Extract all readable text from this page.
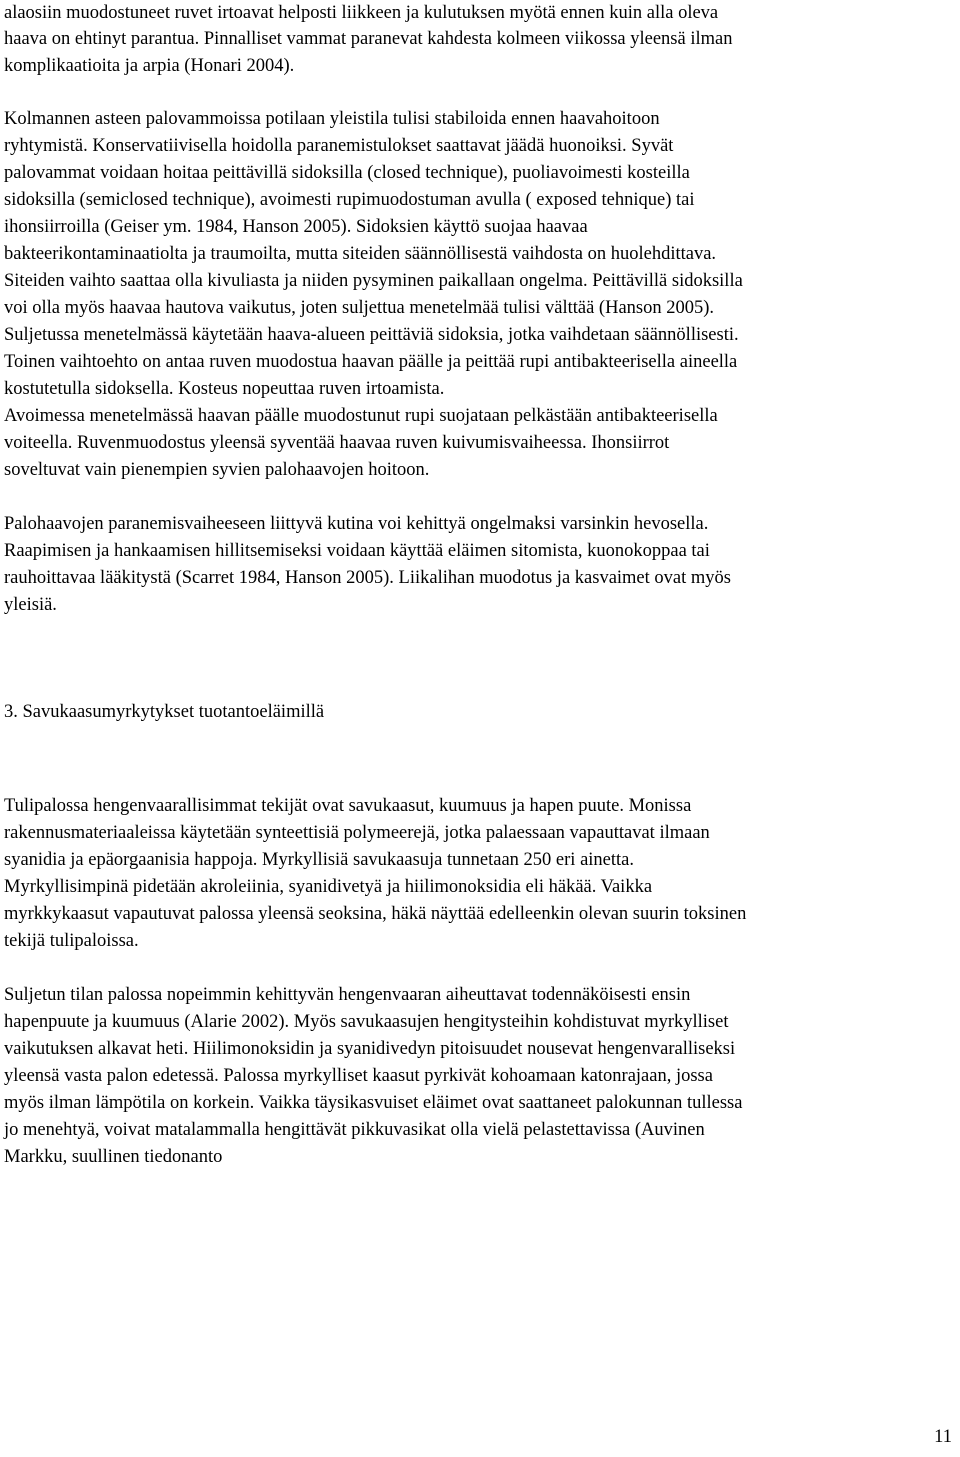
alaosiin muodostuneet ruvet irtoavat helposti liikkeen ja kulutuksen myötä ennen kuin alla oleva
haava on ehtinyt parantua. Pinnalliset vammat paranevat kahdesta kolmeen viikossa yleensä ilman
komplikaatioita ja arpia (Honari 2004).
Kolmannen asteen palovammoissa potilaan yleistila tulisi stabiloida ennen haavahoitoon
ryhtymistä. Konservatiivisella hoidolla paranemistulokset saattavat jäädä huonoiksi. Syvät
palovammat voidaan hoitaa peittävillä sidoksilla (closed technique), puoliavoimesti kosteilla
sidoksilla (semiclosed technique), avoimesti rupimuodostuman avulla ( exposed tehnique) tai
ihonsiirroilla (Geiser ym. 1984, Hanson 2005). Sidoksien käyttö suojaa haavaa
bakteerikontaminaatiolta ja traumoilta, mutta siteiden säännöllisestä vaihdosta on huolehdittava.
Siteiden vaihto saattaa olla kivuliasta ja niiden pysyminen paikallaan ongelma. Peittävillä sidoksilla
voi olla myös haavaa hautova vaikutus, joten suljettua menetelmää tulisi välttää (Hanson 2005).
Suljetussa menetelmässä käytetään haava-alueen peittäviä sidoksia, jotka vaihdetaan säännöllisesti.
Toinen vaihtoehto on antaa ruven muodostua haavan päälle ja peittää rupi antibakteerisella aineella
kostutetulla sidoksella. Kosteus nopeuttaa ruven irtoamista.
Avoimessa menetelmässä haavan päälle muodostunut rupi suojataan pelkästään antibakteerisella
voiteella. Ruvenmuodostus yleensä syventää haavaa ruven kuivumisvaiheessa. Ihonsiirrot
soveltuvat vain pienempien syvien palohaavojen hoitoon.
Palohaavojen paranemisvaiheeseen liittyvä kutina voi kehittyä ongelmaksi varsinkin hevosella.
Raapimisen ja hankaamisen hillitsemiseksi voidaan käyttää eläimen sitomista, kuonokoppaa tai
rauhoittavaa lääkitystä (Scarret 1984, Hanson 2005). Liikalihan muodotus ja kasvaimet ovat myös
yleisiä.
3. Savukaasumyrkytykset tuotantoeläimillä
Tulipalossa hengenvaarallisimmat tekijät ovat savukaasut, kuumuus ja hapen puute. Monissa
rakennusmateriaaleissa käytetään synteettisiä polymeerejä, jotka palaessaan vapauttavat ilmaan
syanidia ja epäorgaanisia happoja. Myrkyllisiä savukaasuja tunnetaan 250 eri ainetta.
Myrkyllisimpinä pidetään akroleiinia, syanidivetyä ja hiilimonoksidia eli häkää. Vaikka
myrkkykaasut vapautuvat palossa yleensä seoksina, häkä näyttää edelleenkin olevan suurin toksinen
tekijä tulipaloissa.
Suljetun tilan palossa nopeimmin kehittyvän hengenvaaran aiheuttavat todennäköisesti ensin
hapenpuute ja kuumuus (Alarie 2002). Myös savukaasujen hengitysteihin kohdistuvat myrkylliset
vaikutuksen alkavat heti. Hiilimonoksidin ja syanidivedyn pitoisuudet nousevat hengenvaralliseksi
yleensä vasta palon edetessä. Palossa myrkylliset kaasut pyrkivät kohoamaan katonrajaan, jossa
myös ilman lämpötila on korkein. Vaikka täysikasvuiset eläimet ovat saattaneet palokunnan tullessa
jo menehtyä, voivat matalammalla hengittävät pikkuvasikat olla vielä pelastettavissa (Auvinen
Markku, suullinen tiedonanto
11
